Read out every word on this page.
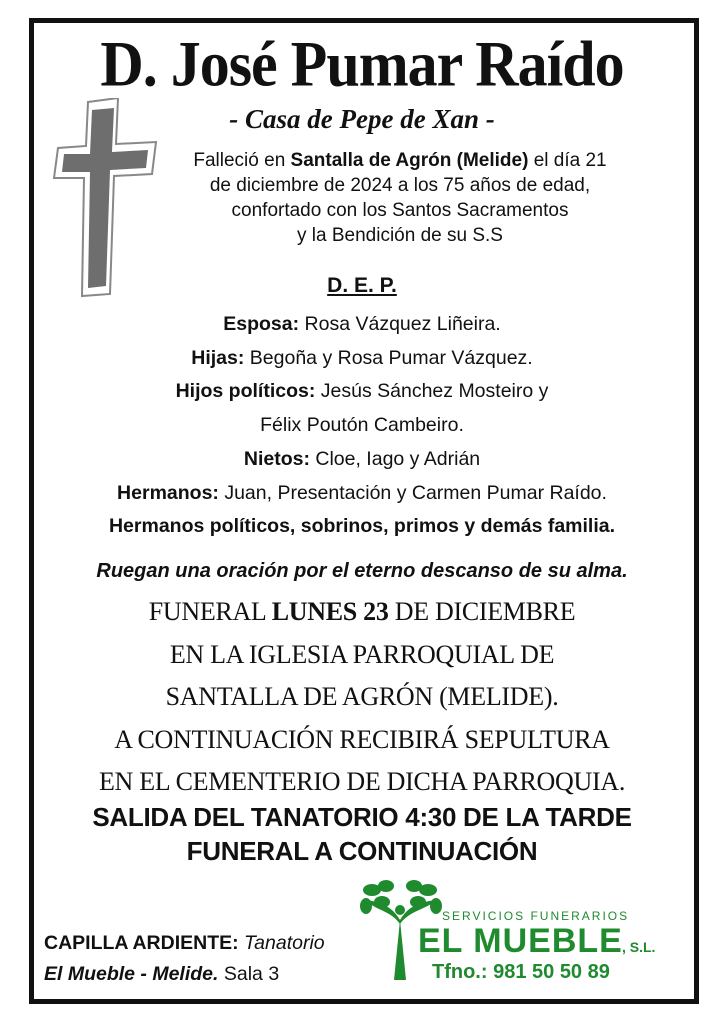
D. José Pumar Raído
- Casa de Pepe de Xan -
Falleció en Santalla de Agrón (Melide) el día 21
de diciembre de 2024 a los 75 años de edad,
confortado con los Santos Sacramentos
y la Bendición de su S.S
D. E. P.
Esposa: Rosa Vázquez Liñeira.
Hijas: Begoña y Rosa Pumar Vázquez.
Hijos políticos: Jesús Sánchez Mosteiro y
Félix Poutón Cambeiro.
Nietos: Cloe, Iago y Adrián
Hermanos: Juan, Presentación y Carmen Pumar Raído.
Hermanos políticos, sobrinos, primos y demás familia.
Ruegan una oración por el eterno descanso de su alma.
FUNERAL LUNES 23 DE DICIEMBRE
EN LA IGLESIA PARROQUIAL DE
SANTALLA DE AGRÓN (MELIDE).
A CONTINUACIÓN RECIBIRÁ SEPULTURA
EN EL CEMENTERIO DE DICHA PARROQUIA.
SALIDA DEL TANATORIO 4:30 DE LA TARDE
FUNERAL A CONTINUACIÓN
CAPILLA ARDIENTE: Tanatorio
El Mueble - Melide. Sala 3
SERVICIOS FUNERARIOS
EL MUEBLE , S.L.
Tfno.: 981 50 50 89
